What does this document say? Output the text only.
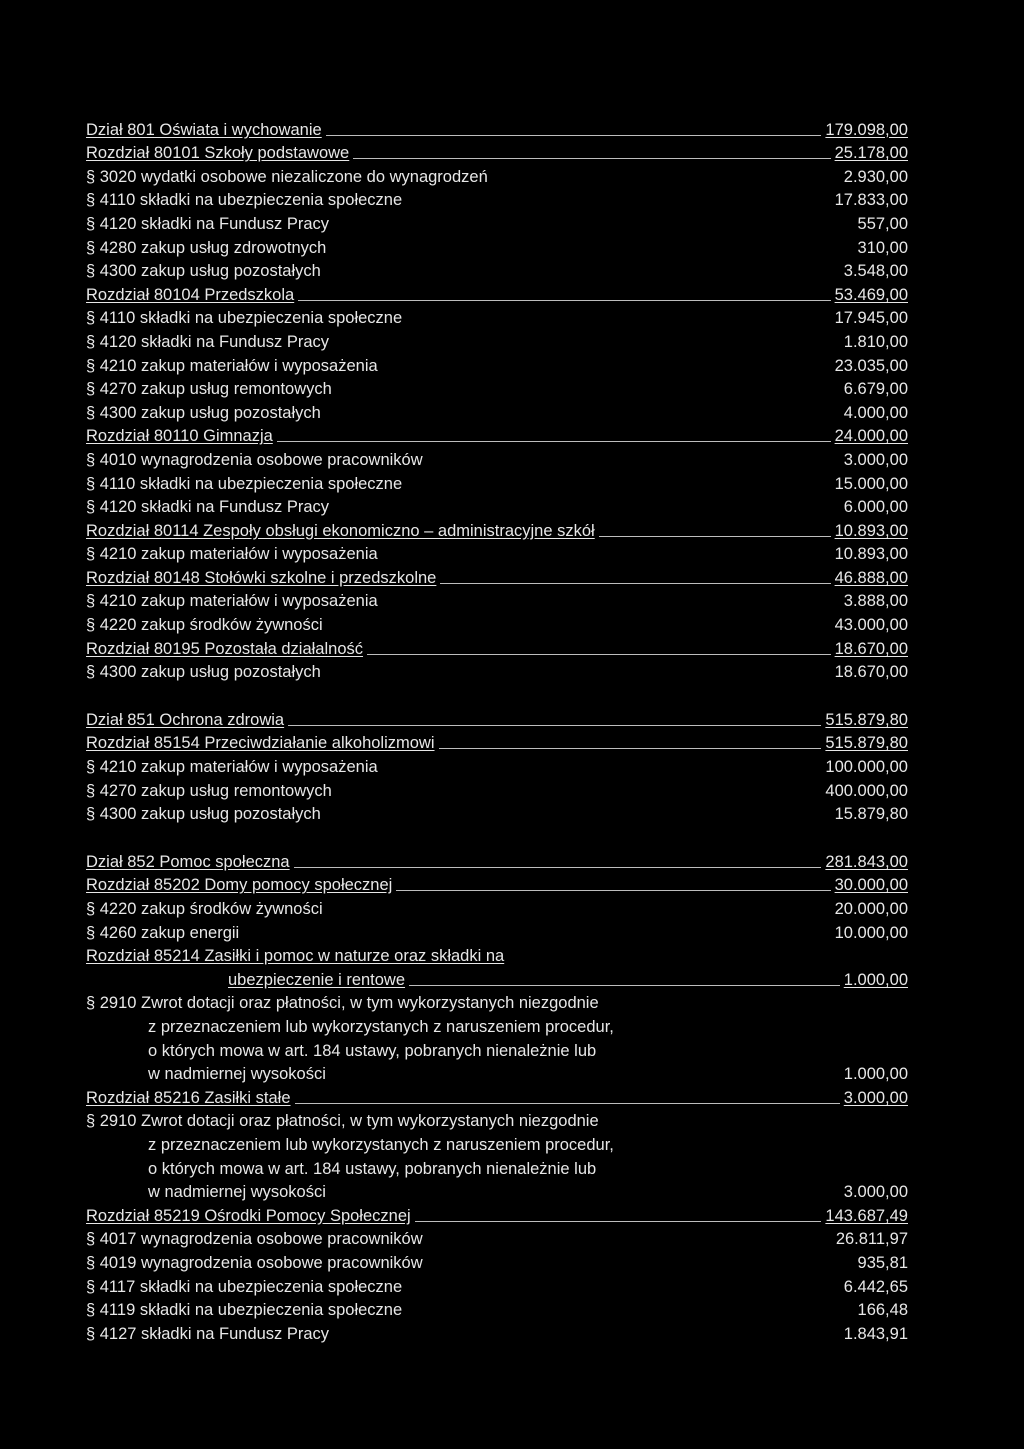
Dział 801 Oświata i wychowanie	179.098,00
Rozdział 80101 Szkoły podstawowe	25.178,00
§ 3020 wydatki osobowe niezaliczone do wynagrodzeń	2.930,00
§ 4110 składki na ubezpieczenia społeczne	17.833,00
§ 4120 składki na Fundusz Pracy	557,00
§ 4280 zakup usług zdrowotnych	310,00
§ 4300 zakup usług pozostałych	3.548,00
Rozdział 80104 Przedszkola	53.469,00
§ 4110 składki na ubezpieczenia społeczne	17.945,00
§ 4120 składki na Fundusz Pracy	1.810,00
§ 4210 zakup materiałów i wyposażenia	23.035,00
§ 4270 zakup usług remontowych	6.679,00
§ 4300 zakup usług pozostałych	4.000,00
Rozdział 80110 Gimnazja	24.000,00
§ 4010 wynagrodzenia osobowe pracowników	3.000,00
§ 4110 składki na ubezpieczenia społeczne	15.000,00
§ 4120 składki na Fundusz Pracy	6.000,00
Rozdział 80114 Zespoły obsługi ekonomiczno – administracyjne szkół	10.893,00
§ 4210 zakup materiałów i wyposażenia	10.893,00
Rozdział 80148 Stołówki szkolne i przedszkolne	46.888,00
§ 4210 zakup materiałów i wyposażenia	3.888,00
§ 4220 zakup środków żywności	43.000,00
Rozdział 80195 Pozostała działalność	18.670,00
§ 4300 zakup usług pozostałych	18.670,00
Dział 851 Ochrona zdrowia	515.879,80
Rozdział 85154 Przeciwdziałanie alkoholizmowi	515.879,80
§ 4210 zakup materiałów i wyposażenia	100.000,00
§ 4270 zakup usług remontowych	400.000,00
§ 4300 zakup usług pozostałych	15.879,80
Dział 852 Pomoc społeczna	281.843,00
Rozdział 85202 Domy pomocy społecznej	30.000,00
§ 4220 zakup środków żywności	20.000,00
§ 4260 zakup energii	10.000,00
Rozdział 85214 Zasiłki i pomoc w naturze oraz składki na
ubezpieczenie i rentowe	1.000,00
§ 2910 Zwrot dotacji oraz płatności, w tym wykorzystanych niezgodnie
z przeznaczeniem lub wykorzystanych z naruszeniem procedur,
o których mowa w art. 184 ustawy, pobranych nienależnie lub
w nadmiernej wysokości	1.000,00
Rozdział 85216 Zasiłki stałe	3.000,00
§ 2910 Zwrot dotacji oraz płatności, w tym wykorzystanych niezgodnie
z przeznaczeniem lub wykorzystanych z naruszeniem procedur,
o których mowa w art. 184 ustawy, pobranych nienależnie lub
w nadmiernej wysokości	3.000,00
Rozdział 85219 Ośrodki Pomocy Społecznej	143.687,49
§ 4017 wynagrodzenia osobowe pracowników	26.811,97
§ 4019 wynagrodzenia osobowe pracowników	935,81
§ 4117 składki na ubezpieczenia społeczne	6.442,65
§ 4119 składki na ubezpieczenia społeczne	166,48
§ 4127 składki na Fundusz Pracy	1.843,91
